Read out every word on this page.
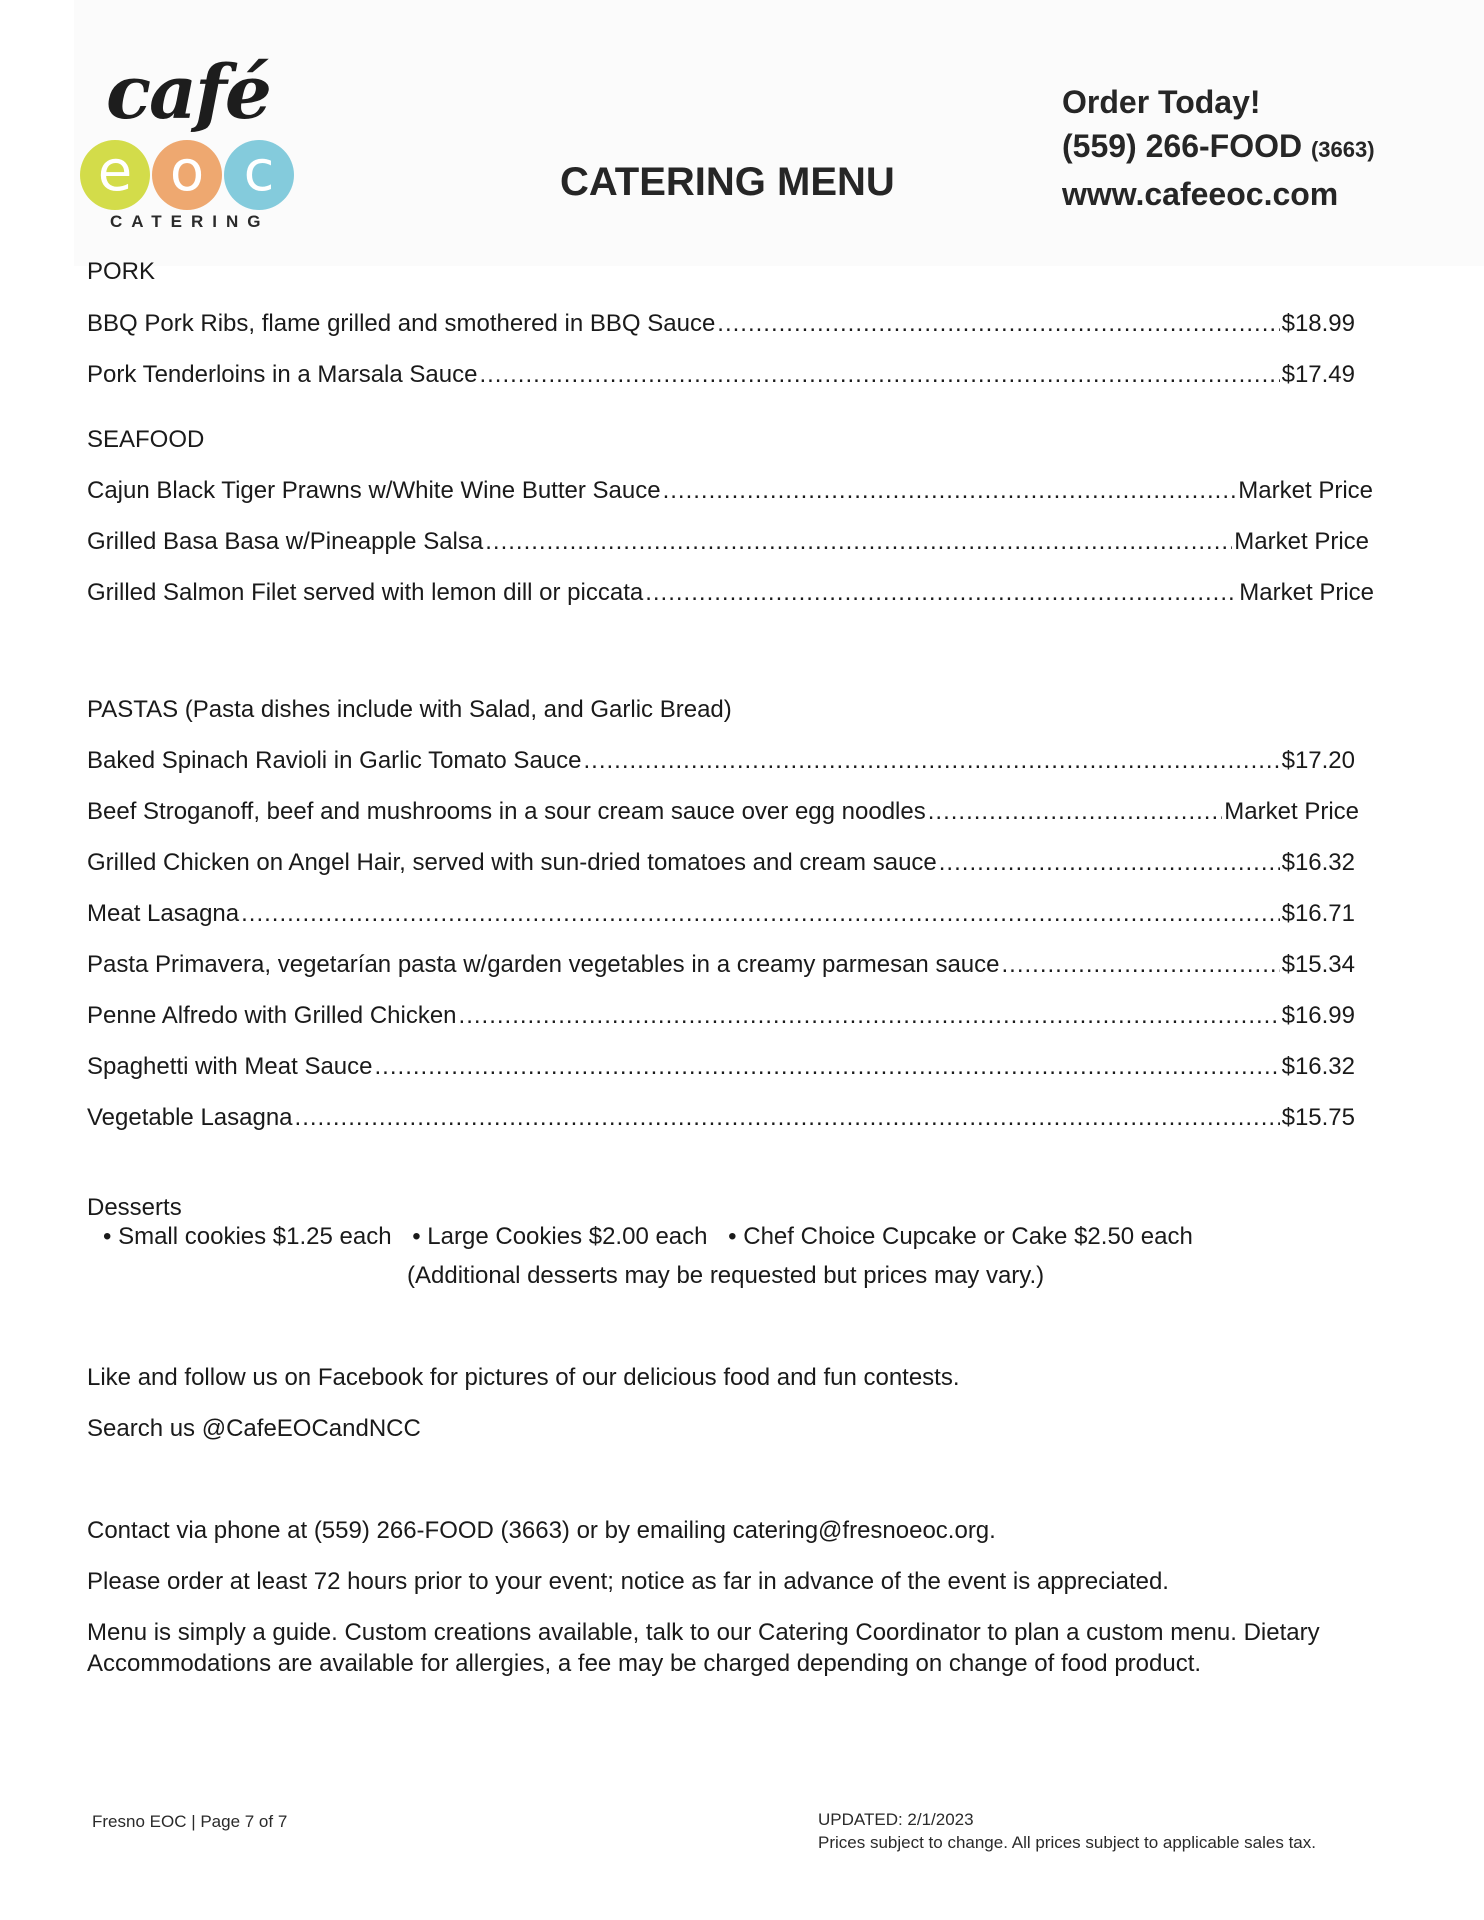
café
e o c
CATERING
CATERING MENU
Order Today!
(559) 266-FOOD (3663)
www.cafeeoc.com
PORK
BBQ Pork Ribs, flame grilled and smothered in BBQ Sauce .....	$18.99
Pork Tenderloins in a Marsala Sauce .....	$17.49
SEAFOOD
Cajun Black Tiger Prawns w/White Wine Butter Sauce .....	Market Price
Grilled Basa Basa w/Pineapple Salsa .....	Market Price
Grilled Salmon Filet served with lemon dill or piccata .....	Market Price
PASTAS (Pasta dishes include with Salad, and Garlic Bread)
Baked Spinach Ravioli in Garlic Tomato Sauce .....	$17.20
Beef Stroganoff, beef and mushrooms in a sour cream sauce over egg noodles .....	Market Price
Grilled Chicken on Angel Hair, served with sun-dried tomatoes and cream sauce .....	$16.32
Meat Lasagna .....	$16.71
Pasta Primavera, vegetarían pasta w/garden vegetables in a creamy parmesan sauce .....	$15.34
Penne Alfredo with Grilled Chicken .....	$16.99
Spaghetti with Meat Sauce .....	$16.32
Vegetable Lasagna .....	$15.75
Desserts
• Small cookies $1.25 each • Large Cookies $2.00 each • Chef Choice Cupcake or Cake $2.50 each
(Additional desserts may be requested but prices may vary.)
Like and follow us on Facebook for pictures of our delicious food and fun contests.
Search us @CafeEOCandNCC
Contact via phone at (559) 266-FOOD (3663) or by emailing catering@fresnoeoc.org.
Please order at least 72 hours prior to your event; notice as far in advance of the event is appreciated.
Menu is simply a guide. Custom creations available, talk to our Catering Coordinator to plan a custom menu. Dietary Accommodations are available for allergies, a fee may be charged depending on change of food product.
Fresno EOC | Page 7 of 7	UPDATED: 2/1/2023
Prices subject to change. All prices subject to applicable sales tax.
